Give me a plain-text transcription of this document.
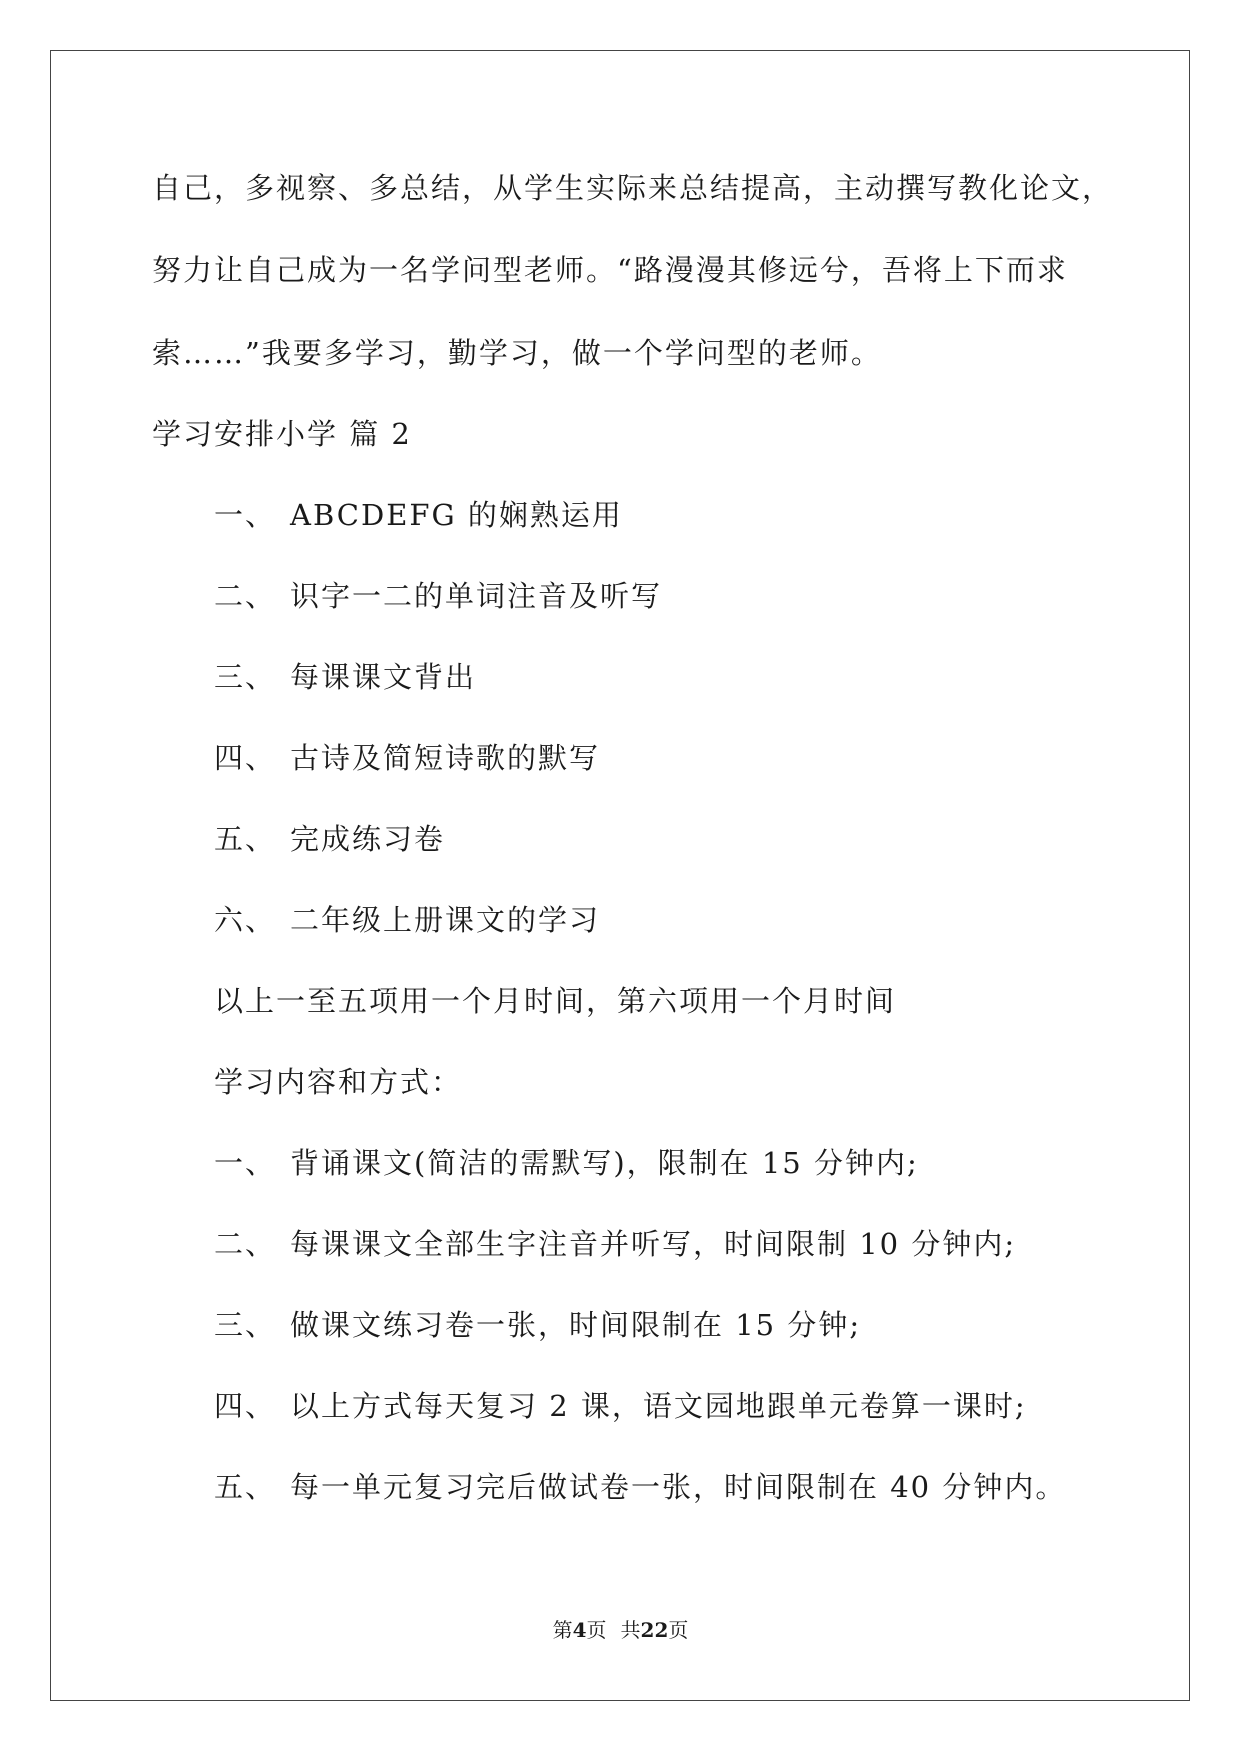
自己，多视察、多总结，从学生实际来总结提高，主动撰写教化论文，
努力让自己成为一名学问型老师。“路漫漫其修远兮，吾将上下而求
索……”我要多学习，勤学习，做一个学问型的老师。
学习安排小学 篇 2
一、 ABCDEFG 的娴熟运用
二、 识字一二的单词注音及听写
三、 每课课文背出
四、 古诗及简短诗歌的默写
五、 完成练习卷
六、 二年级上册课文的学习
以上一至五项用一个月时间，第六项用一个月时间
学习内容和方式：
一、 背诵课文(简洁的需默写)，限制在 15 分钟内;
二、 每课课文全部生字注音并听写，时间限制 10 分钟内;
三、 做课文练习卷一张，时间限制在 15 分钟;
四、 以上方式每天复习 2 课，语文园地跟单元卷算一课时;
五、 每一单元复习完后做试卷一张，时间限制在 40 分钟内。
第4页 共22页
